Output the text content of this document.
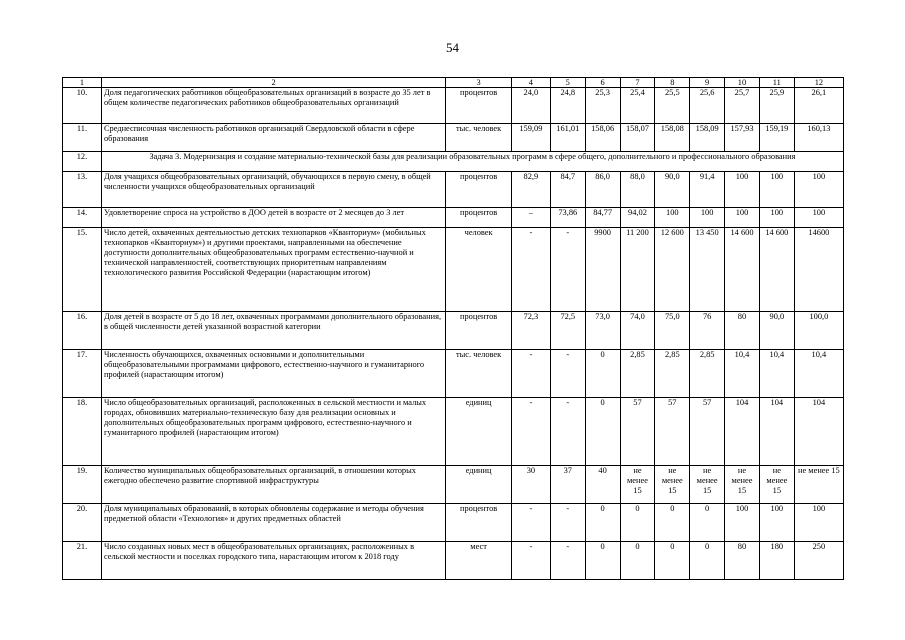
54
1	2	3	4	5	6	7	8	9	10	11	12
10.	Доля педагогических работников общеобразовательных организаций в возрасте до 35 лет в общем количестве педагогических работников общеобразовательных организаций	процентов	24,0	24,8	25,3	25,4	25,5	25,6	25,7	25,9	26,1
11.	Среднесписочная численность работников организаций Свердловской области в сфере образования	тыс. человек	159,09	161,01	158,06	158,07	158,08	158,09	157,93	159,19	160,13
12.	Задача 3. Модернизация и создание материально-технической базы для реализации образовательных программ в сфере общего, дополнительного и профессионального образования										
13.	Доля учащихся общеобразовательных организаций, обучающихся в первую смену, в общей численности учащихся общеобразовательных организаций	процентов	82,9	84,7	86,0	88,0	90,0	91,4	100	100	100
14.	Удовлетворение спроса на устройство в ДОО детей в возрасте от 2 месяцев до 3 лет	процентов	–	73,86	84,77	94,02	100	100	100	100	100
15.	Число детей, охваченных деятельностью детских технопарков «Кванториум» (мобильных технопарков «Кванториум») и другими проектами, направленными на обеспечение доступности дополнительных общеобразовательных программ естественно-научной и технической направленностей, соответствующих приоритетным направлениям технологического развития Российской Федерации (нарастающим итогом)	человек	-	-	9900	11 200	12 600	13 450	14 600	14 600	14600
16.	Доля детей в возрасте от 5 до 18 лет, охваченных программами дополнительного образования, в общей численности детей указанной возрастной категории	процентов	72,3	72,5	73,0	74,0	75,0	76	80	90,0	100,0
17.	Численность обучающихся, охваченных основными и дополнительными общеобразовательными программами цифрового, естественно-научного и гуманитарного профилей (нарастающим итогом)	тыс. человек	-	-	0	2,85	2,85	2,85	10,4	10,4	10,4
18.	Число общеобразовательных организаций, расположенных в сельской местности и малых городах, обновивших материально-техническую базу для реализации основных и дополнительных общеобразовательных программ цифрового, естественно-научного и гуманитарного профилей (нарастающим итогом)	единиц	-	-	0	57	57	57	104	104	104
19.	Количество муниципальных общеобразовательных организаций, в отношении которых ежегодно обеспечено развитие спортивной инфраструктуры	единиц	30	37	40	не менее 15	не менее 15	не менее 15	не менее 15	не менее 15	не менее 15
20.	Доля муниципальных образований, в которых обновлены содержание и методы обучения предметной области «Технология» и других предметных областей	процентов	-	-	0	0	0	0	100	100	100
21.	Число созданных новых мест в общеобразовательных организациях, расположенных в сельской местности и поселках городского типа, нарастающим итогом к 2018 году	мест	-	-	0	0	0	0	80	180	250
